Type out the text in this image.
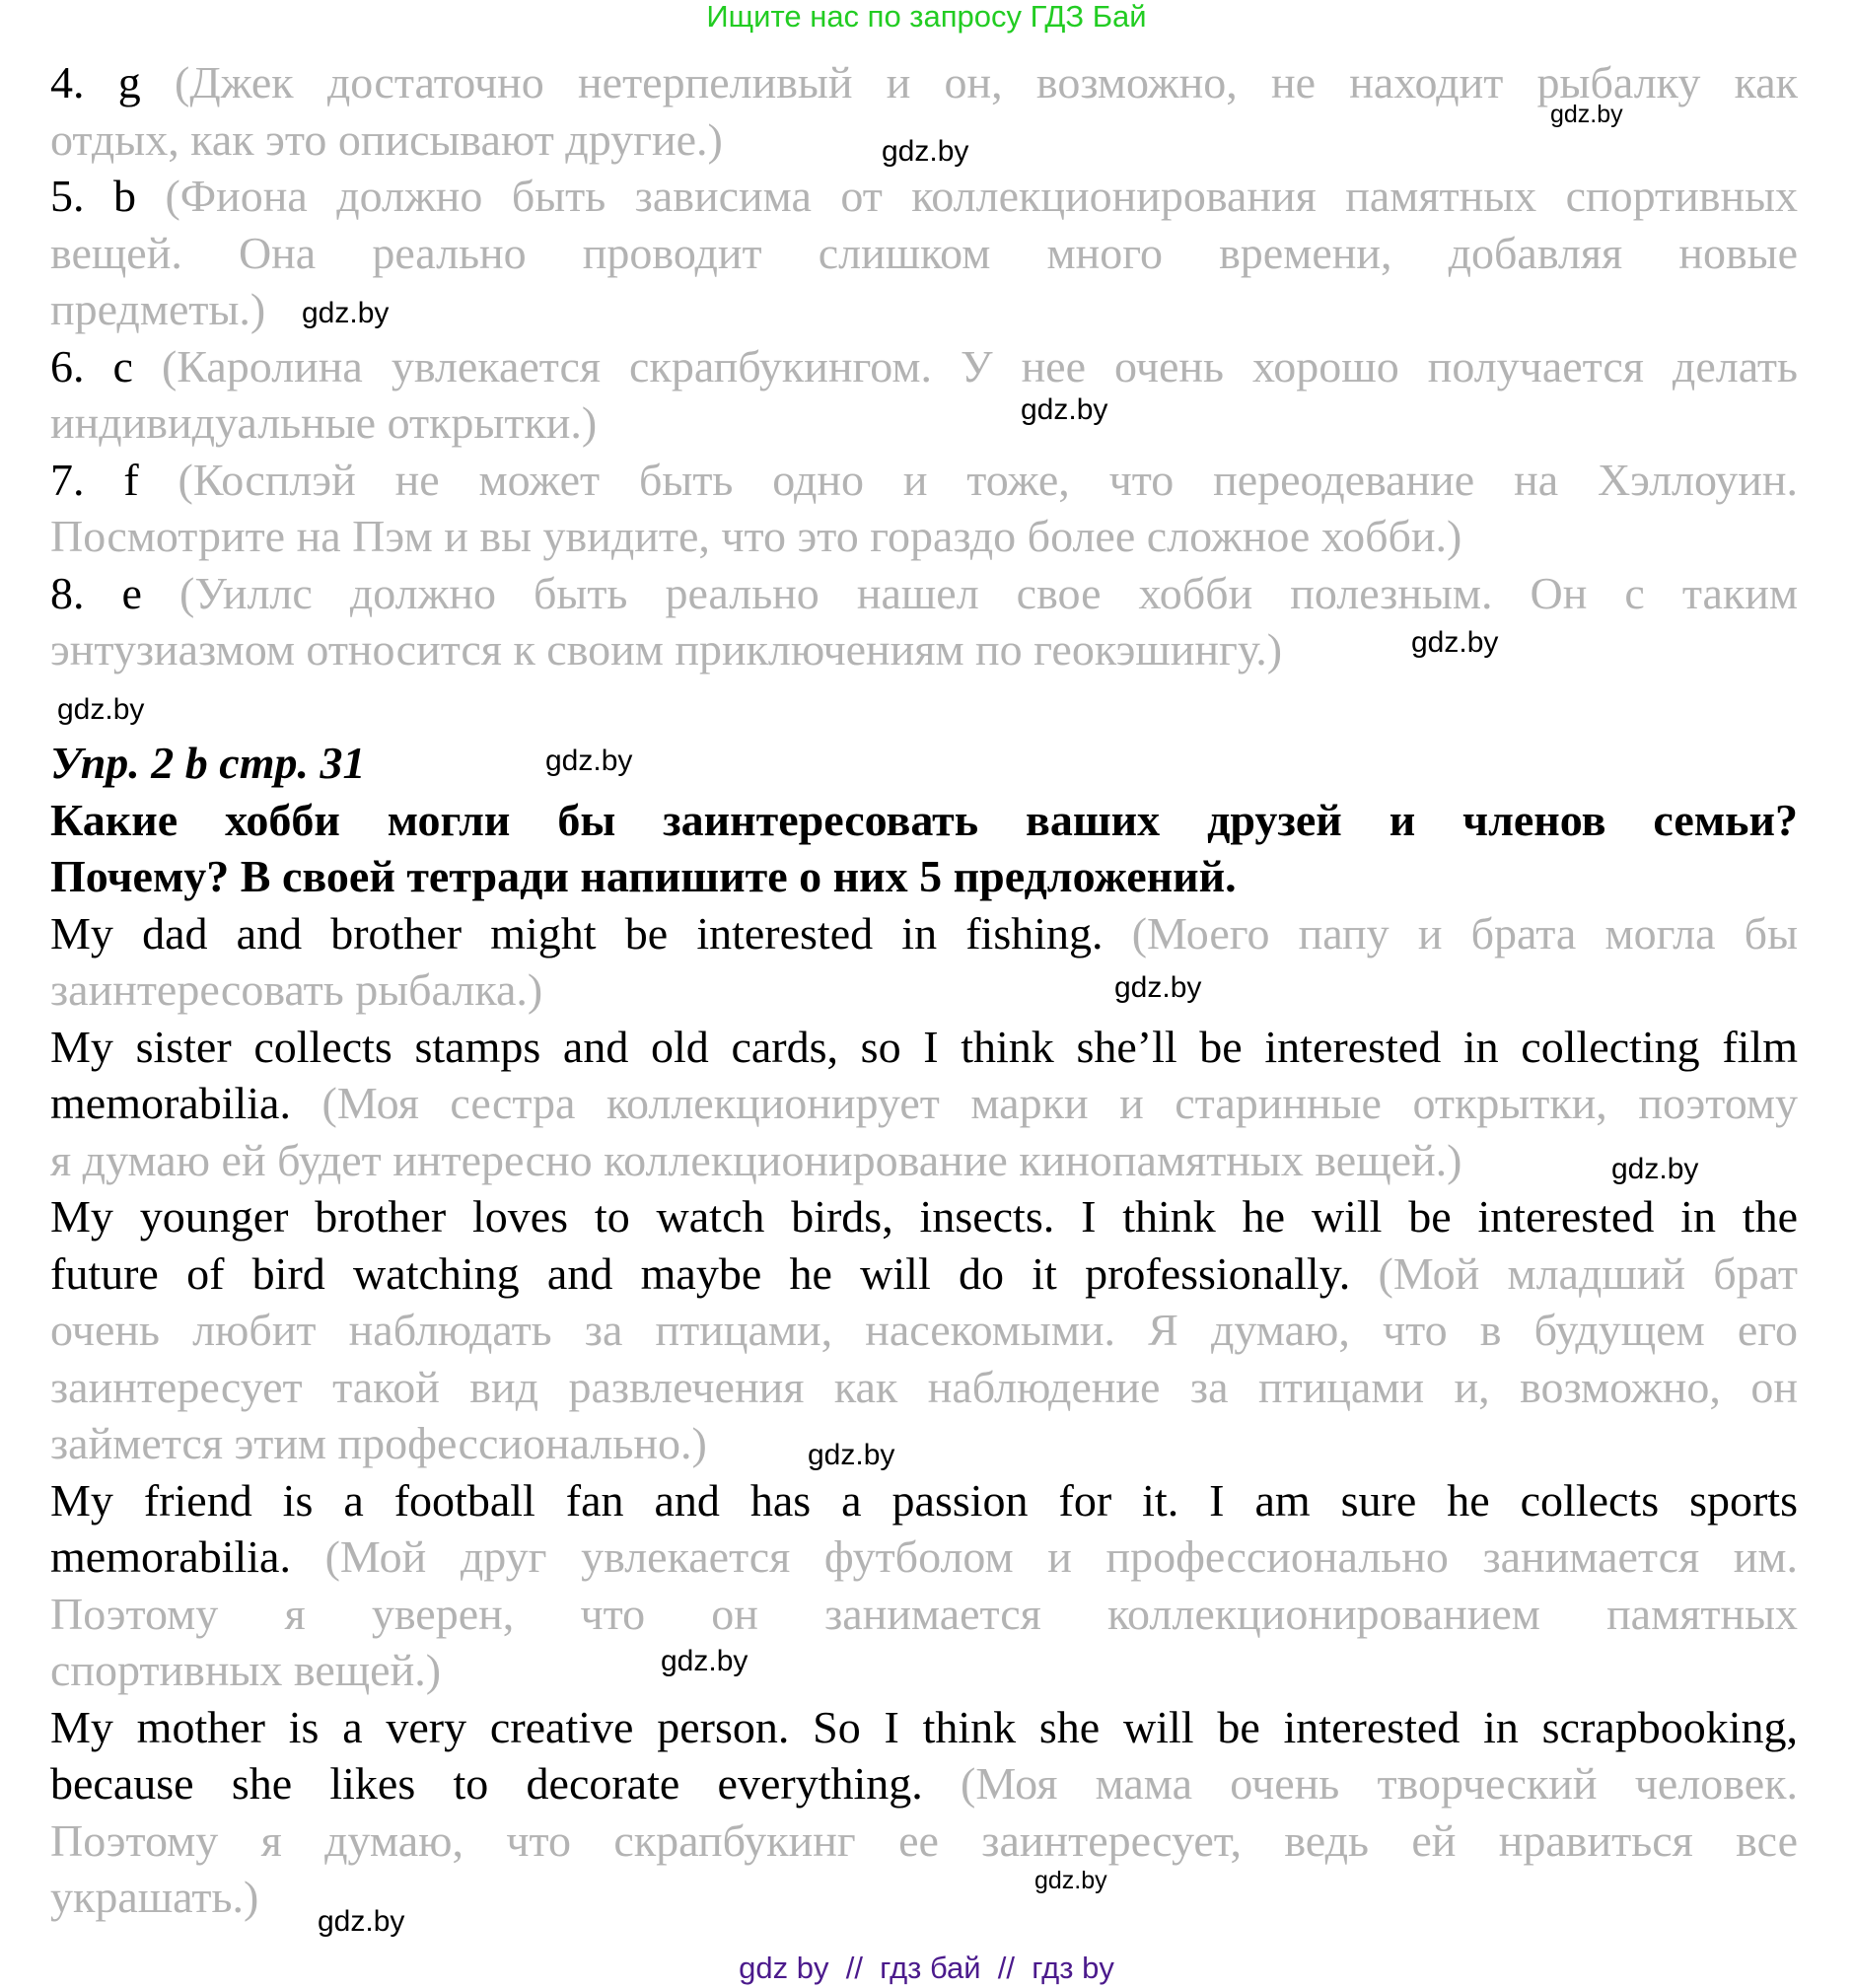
Ищите нас по запросу ГДЗ Бай
4. g (Джек достаточно нетерпеливый и он, возможно, не находит рыбалку как
отдых, как это описывают другие.)
5. b (Фиона должно быть зависима от коллекционирования памятных спортивных
вещей. Она реально проводит слишком много времени, добавляя новые
предметы.)
6. c (Каролина увлекается скрапбукингом. У нее очень хорошо получается делать
индивидуальные открытки.)
7. f (Косплэй не может быть одно и тоже, что переодевание на Хэллоуин.
Посмотрите на Пэм и вы увидите, что это гораздо более сложное хобби.)
8. e (Уиллс должно быть реально нашел свое хобби полезным. Он с таким
энтузиазмом относится к своим приключениям по геокэшингу.)

Упр. 2 b стр. 31
Какие хобби могли бы заинтересовать ваших друзей и членов семьи?
Почему? В своей тетради напишите о них 5 предложений.
My dad and brother might be interested in fishing. (Моего папу и брата могла бы
заинтересовать рыбалка.)
My sister collects stamps and old cards, so I think she’ll be interested in collecting film
memorabilia. (Моя сестра коллекционирует марки и старинные открытки, поэтому
я думаю ей будет интересно коллекционирование кинопамятных вещей.)
My younger brother loves to watch birds, insects. I think he will be interested in the
future of bird watching and maybe he will do it professionally. (Мой младший брат
очень любит наблюдать за птицами, насекомыми. Я думаю, что в будущем его
заинтересует такой вид развлечения как наблюдение за птицами и, возможно, он
займется этим профессионально.)
My friend is a football fan and has a passion for it. I am sure he collects sports
memorabilia. (Мой друг увлекается футболом и профессионально занимается им.
Поэтому я уверен, что он занимается коллекционированием памятных
спортивных вещей.)
My mother is a very creative person. So I think she will be interested in scrapbooking,
because she likes to decorate everything. (Моя мама очень творческий человек.
Поэтому я думаю, что скрапбукинг ее заинтересует, ведь ей нравиться все
украшать.)
gdz.by
gdz.by
gdz.by
gdz.by
gdz.by
gdz.by
gdz.by
gdz.by
gdz.by
gdz.by
gdz.by
gdz.by
gdz.by
gdz by  //  гдз бай  //  гдз by
